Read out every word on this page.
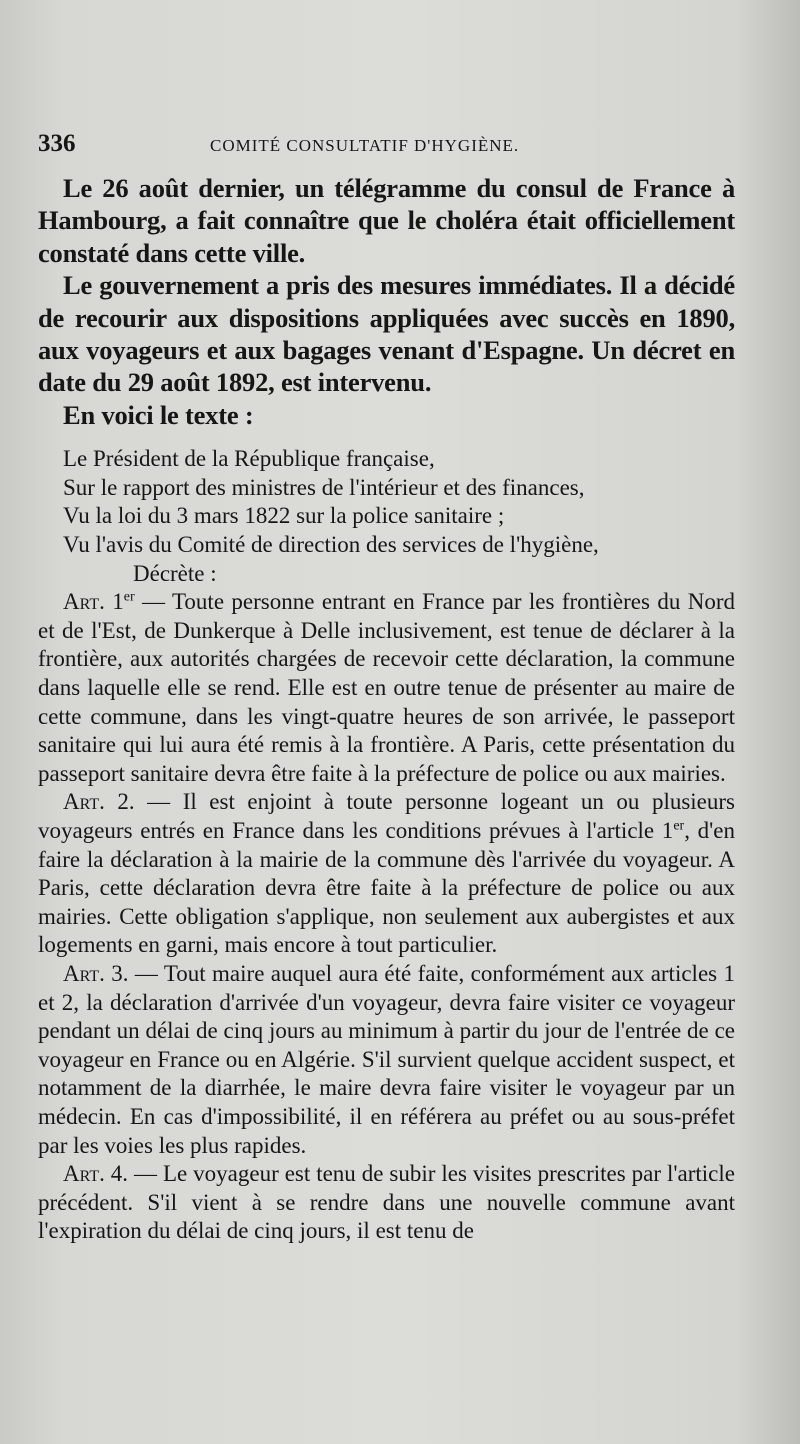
336	COMITÉ CONSULTATIF D'HYGIÈNE.

Le 26 août dernier, un télégramme du consul de France à Hambourg, a fait connaître que le choléra était officiellement constaté dans cette ville.

Le gouvernement a pris des mesures immédiates. Il a décidé de recourir aux dispositions appliquées avec succès en 1890, aux voyageurs et aux bagages venant d'Espagne. Un décret en date du 29 août 1892, est intervenu.

En voici le texte :

Le Président de la République française,

Sur le rapport des ministres de l'intérieur et des finances,

Vu la loi du 3 mars 1822 sur la police sanitaire ;

Vu l'avis du Comité de direction des services de l'hygiène,

Décrète :

Art. 1er — Toute personne entrant en France par les frontières du Nord et de l'Est, de Dunkerque à Delle inclusivement, est tenue de déclarer à la frontière, aux autorités chargées de recevoir cette déclaration, la commune dans laquelle elle se rend. Elle est en outre tenue de présenter au maire de cette commune, dans les vingt-quatre heures de son arrivée, le passeport sanitaire qui lui aura été remis à la frontière. A Paris, cette présentation du passeport sanitaire devra être faite à la préfecture de police ou aux mairies.

Art. 2. — Il est enjoint à toute personne logeant un ou plusieurs voyageurs entrés en France dans les conditions prévues à l'article 1er, d'en faire la déclaration à la mairie de la commune dès l'arrivée du voyageur. A Paris, cette déclaration devra être faite à la préfecture de police ou aux mairies. Cette obligation s'applique, non seulement aux aubergistes et aux logements en garni, mais encore à tout particulier.

Art. 3. — Tout maire auquel aura été faite, conformément aux articles 1 et 2, la déclaration d'arrivée d'un voyageur, devra faire visiter ce voyageur pendant un délai de cinq jours au minimum à partir du jour de l'entrée de ce voyageur en France ou en Algérie. S'il survient quelque accident suspect, et notamment de la diarrhée, le maire devra faire visiter le voyageur par un médecin. En cas d'impossibilité, il en référera au préfet ou au sous-préfet par les voies les plus rapides.

Art. 4. — Le voyageur est tenu de subir les visites prescrites par l'article précédent. S'il vient à se rendre dans une nouvelle commune avant l'expiration du délai de cinq jours, il est tenu de
